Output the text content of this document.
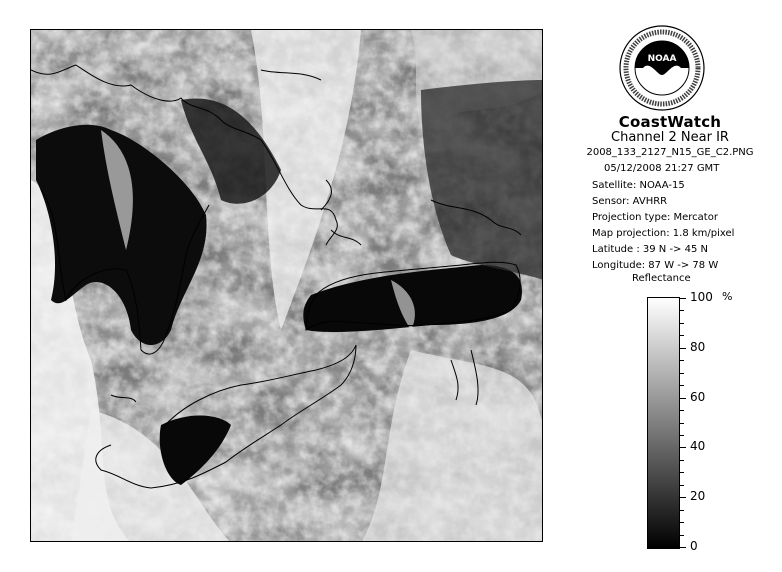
NOAA
CoastWatch
Channel 2 Near IR
2008_133_2127_N15_GE_C2.PNG
05/12/2008 21:27 GMT
Satellite: NOAA-15
Sensor: AVHRR
Projection type: Mercator
Map projection: 1.8 km/pixel
Latitude : 39 N -> 45 N
Longitude: 87 W -> 78 W
Reflectance
%
100
80
60
40
20
0
